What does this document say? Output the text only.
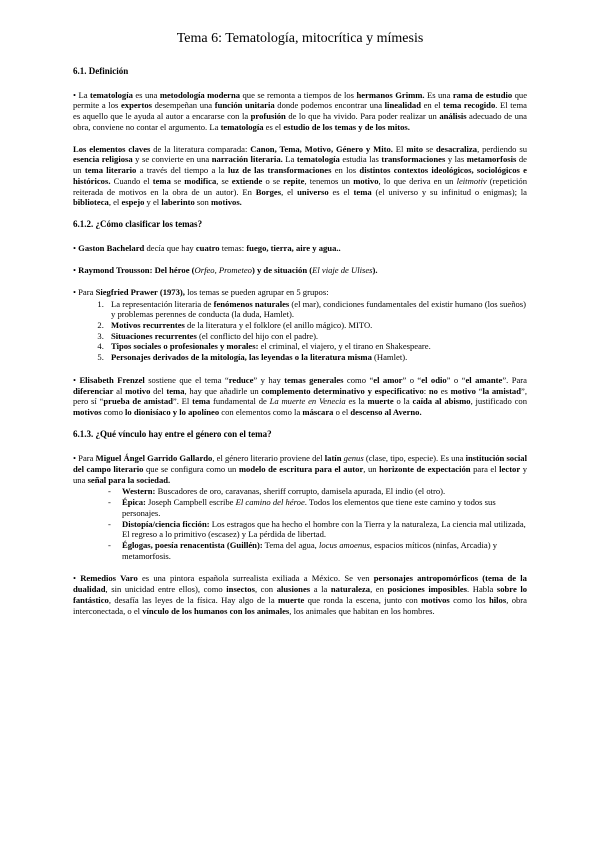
Tema 6: Tematología, mitocrítica y mímesis
6.1. Definición

• La tematología es una metodología moderna que se remonta a tiempos de los hermanos Grimm. Es una rama de estudio que permite a los expertos desempeñan una función unitaria donde podemos encontrar una linealidad en el tema recogido. El tema es aquello que le ayuda al autor a encararse con la profusión de lo que ha vivido. Para poder realizar un análisis adecuado de una obra, conviene no contar el argumento. La tematología es el estudio de los temas y de los mitos.

Los elementos claves de la literatura comparada: Canon, Tema, Motivo, Género y Mito. El mito se desacraliza, perdiendo su esencia religiosa y se convierte en una narración literaria. La tematología estudia las transformaciones y las metamorfosis de un tema literario a través del tiempo a la luz de las transformaciones en los distintos contextos ideológicos, sociológicos e históricos. Cuando el tema se modifica, se extiende o se repite, tenemos un motivo, lo que deriva en un leitmotiv (repetición reiterada de motivos en la obra de un autor). En Borges, el universo es el tema (el universo y su infinitud o enigmas); la biblioteca, el espejo y el laberinto son motivos.

6.1.2. ¿Cómo clasificar los temas?

• Gaston Bachelard decía que hay cuatro temas: fuego, tierra, aire y agua..

• Raymond Trousson: Del héroe (Orfeo, Prometeo) y de situación (El viaje de Ulises).

• Para Siegfried Prawer (1973), los temas se pueden agrupar en 5 grupos:

1. La representación literaria de fenómenos naturales (el mar), condiciones fundamentales del existir humano (los sueños) y problemas perennes de conducta (la duda, Hamlet).
2. Motivos recurrentes de la literatura y el folklore (el anillo mágico). MITO.
3. Situaciones recurrentes (el conflicto del hijo con el padre).
4. Tipos sociales o profesionales y morales: el criminal, el viajero, y el tirano en Shakespeare.
5. Personajes derivados de la mitología, las leyendas o la literatura misma (Hamlet).

• Elisabeth Frenzel sostiene que el tema “reduce” y hay temas generales como “el amor” o “el odio” o “el amante”. Para diferenciar al motivo del tema, hay que añadirle un complemento determinativo y especificativo: no es motivo “la amistad”, pero sí “prueba de amistad”. El tema fundamental de La muerte en Venecia es la muerte o la caída al abismo, justificado con motivos como lo dionisíaco y lo apolíneo con elementos como la máscara o el descenso al Averno.

6.1.3. ¿Qué vínculo hay entre el género con el tema?

• Para Miguel Ángel Garrido Gallardo, el género literario proviene del latín genus (clase, tipo, especie). Es una institución social del campo literario que se configura como un modelo de escritura para el autor, un horizonte de expectación para el lector y una señal para la sociedad.

- Western: Buscadores de oro, caravanas, sheriff corrupto, damisela apurada, El indio (el otro).
- Épica: Joseph Campbell escribe El camino del héroe. Todos los elementos que tiene este camino y todos sus personajes.
- Distopía/ciencia ficción: Los estragos que ha hecho el hombre con la Tierra y la naturaleza, La ciencia mal utilizada, El regreso a lo primitivo (escasez) y La pérdida de libertad.
- Églogas, poesía renacentista (Guillén): Tema del agua, locus amoenus, espacios míticos (ninfas, Arcadia) y metamorfosis.

• Remedios Varo es una pintora española surrealista exiliada a México. Se ven personajes antropomórficos (tema de la dualidad, sin unicidad entre ellos), como insectos, con alusiones a la naturaleza, en posiciones imposibles. Habla sobre lo fantástico, desafía las leyes de la física. Hay algo de la muerte que ronda la escena, junto con motivos como los hilos, obra interconectada, o el vínculo de los humanos con los animales, los animales que habitan en los hombres.
